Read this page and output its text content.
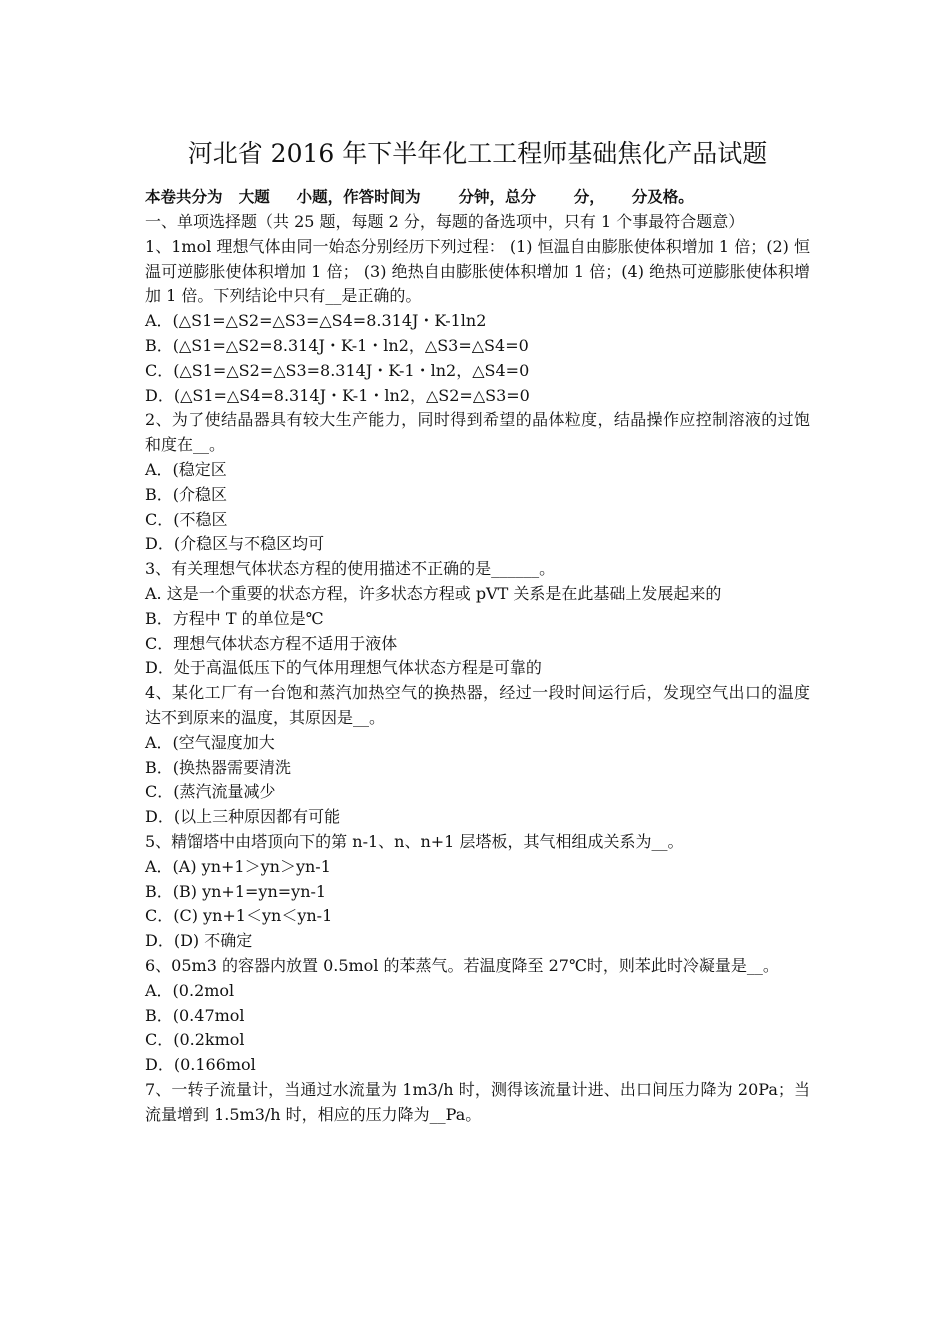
河北省 2016 年下半年化工工程师基础焦化产品试题
本卷共分为   大题     小题，作答时间为       分钟，总分       分，     分及格。
一、单项选择题（共 25 题，每题 2 分，每题的备选项中，只有 1 个事最符合题意）
1、1mol 理想气体由同一始态分别经历下列过程： (1) 恒温自由膨胀使体积增加 1 倍；(2) 恒温可逆膨胀使体积增加 1 倍； (3) 绝热自由膨胀使体积增加 1 倍；(4) 绝热可逆膨胀使体积增加 1 倍。下列结论中只有__是正确的。
A．(△S1=△S2=△S3=△S4=8.314J・K-1ln2
B．(△S1=△S2=8.314J・K-1・ln2，△S3=△S4=0
C．(△S1=△S2=△S3=8.314J・K-1・ln2，△S4=0
D．(△S1=△S4=8.314J・K-1・ln2，△S2=△S3=0
2、为了使结晶器具有较大生产能力，同时得到希望的晶体粒度，结晶操作应控制溶液的过饱和度在__。
A．(稳定区
B．(介稳区
C．(不稳区
D．(介稳区与不稳区均可
3、有关理想气体状态方程的使用描述不正确的是______。
A. 这是一个重要的状态方程，许多状态方程或 pVT 关系是在此基础上发展起来的
B．方程中 T 的单位是℃
C．理想气体状态方程不适用于液体
D．处于高温低压下的气体用理想气体状态方程是可靠的
4、某化工厂有一台饱和蒸汽加热空气的换热器，经过一段时间运行后，发现空气出口的温度达不到原来的温度，其原因是__。
A．(空气湿度加大
B．(换热器需要清洗
C．(蒸汽流量减少
D．(以上三种原因都有可能
5、精馏塔中由塔顶向下的第 n-1、n、n+1 层塔板，其气相组成关系为__。
A．(A) yn+1＞yn＞yn-1
B．(B) yn+1=yn=yn-1
C．(C) yn+1＜yn＜yn-1
D．(D) 不确定
6、05m3 的容器内放置 0.5mol 的苯蒸气。若温度降至 27℃时，则苯此时冷凝量是__。
A．(0.2mol
B．(0.47mol
C．(0.2kmol
D．(0.166mol
7、一转子流量计，当通过水流量为 1m3/h 时，测得该流量计进、出口间压力降为 20Pa；当流量增到 1.5m3/h 时，相应的压力降为__Pa。
